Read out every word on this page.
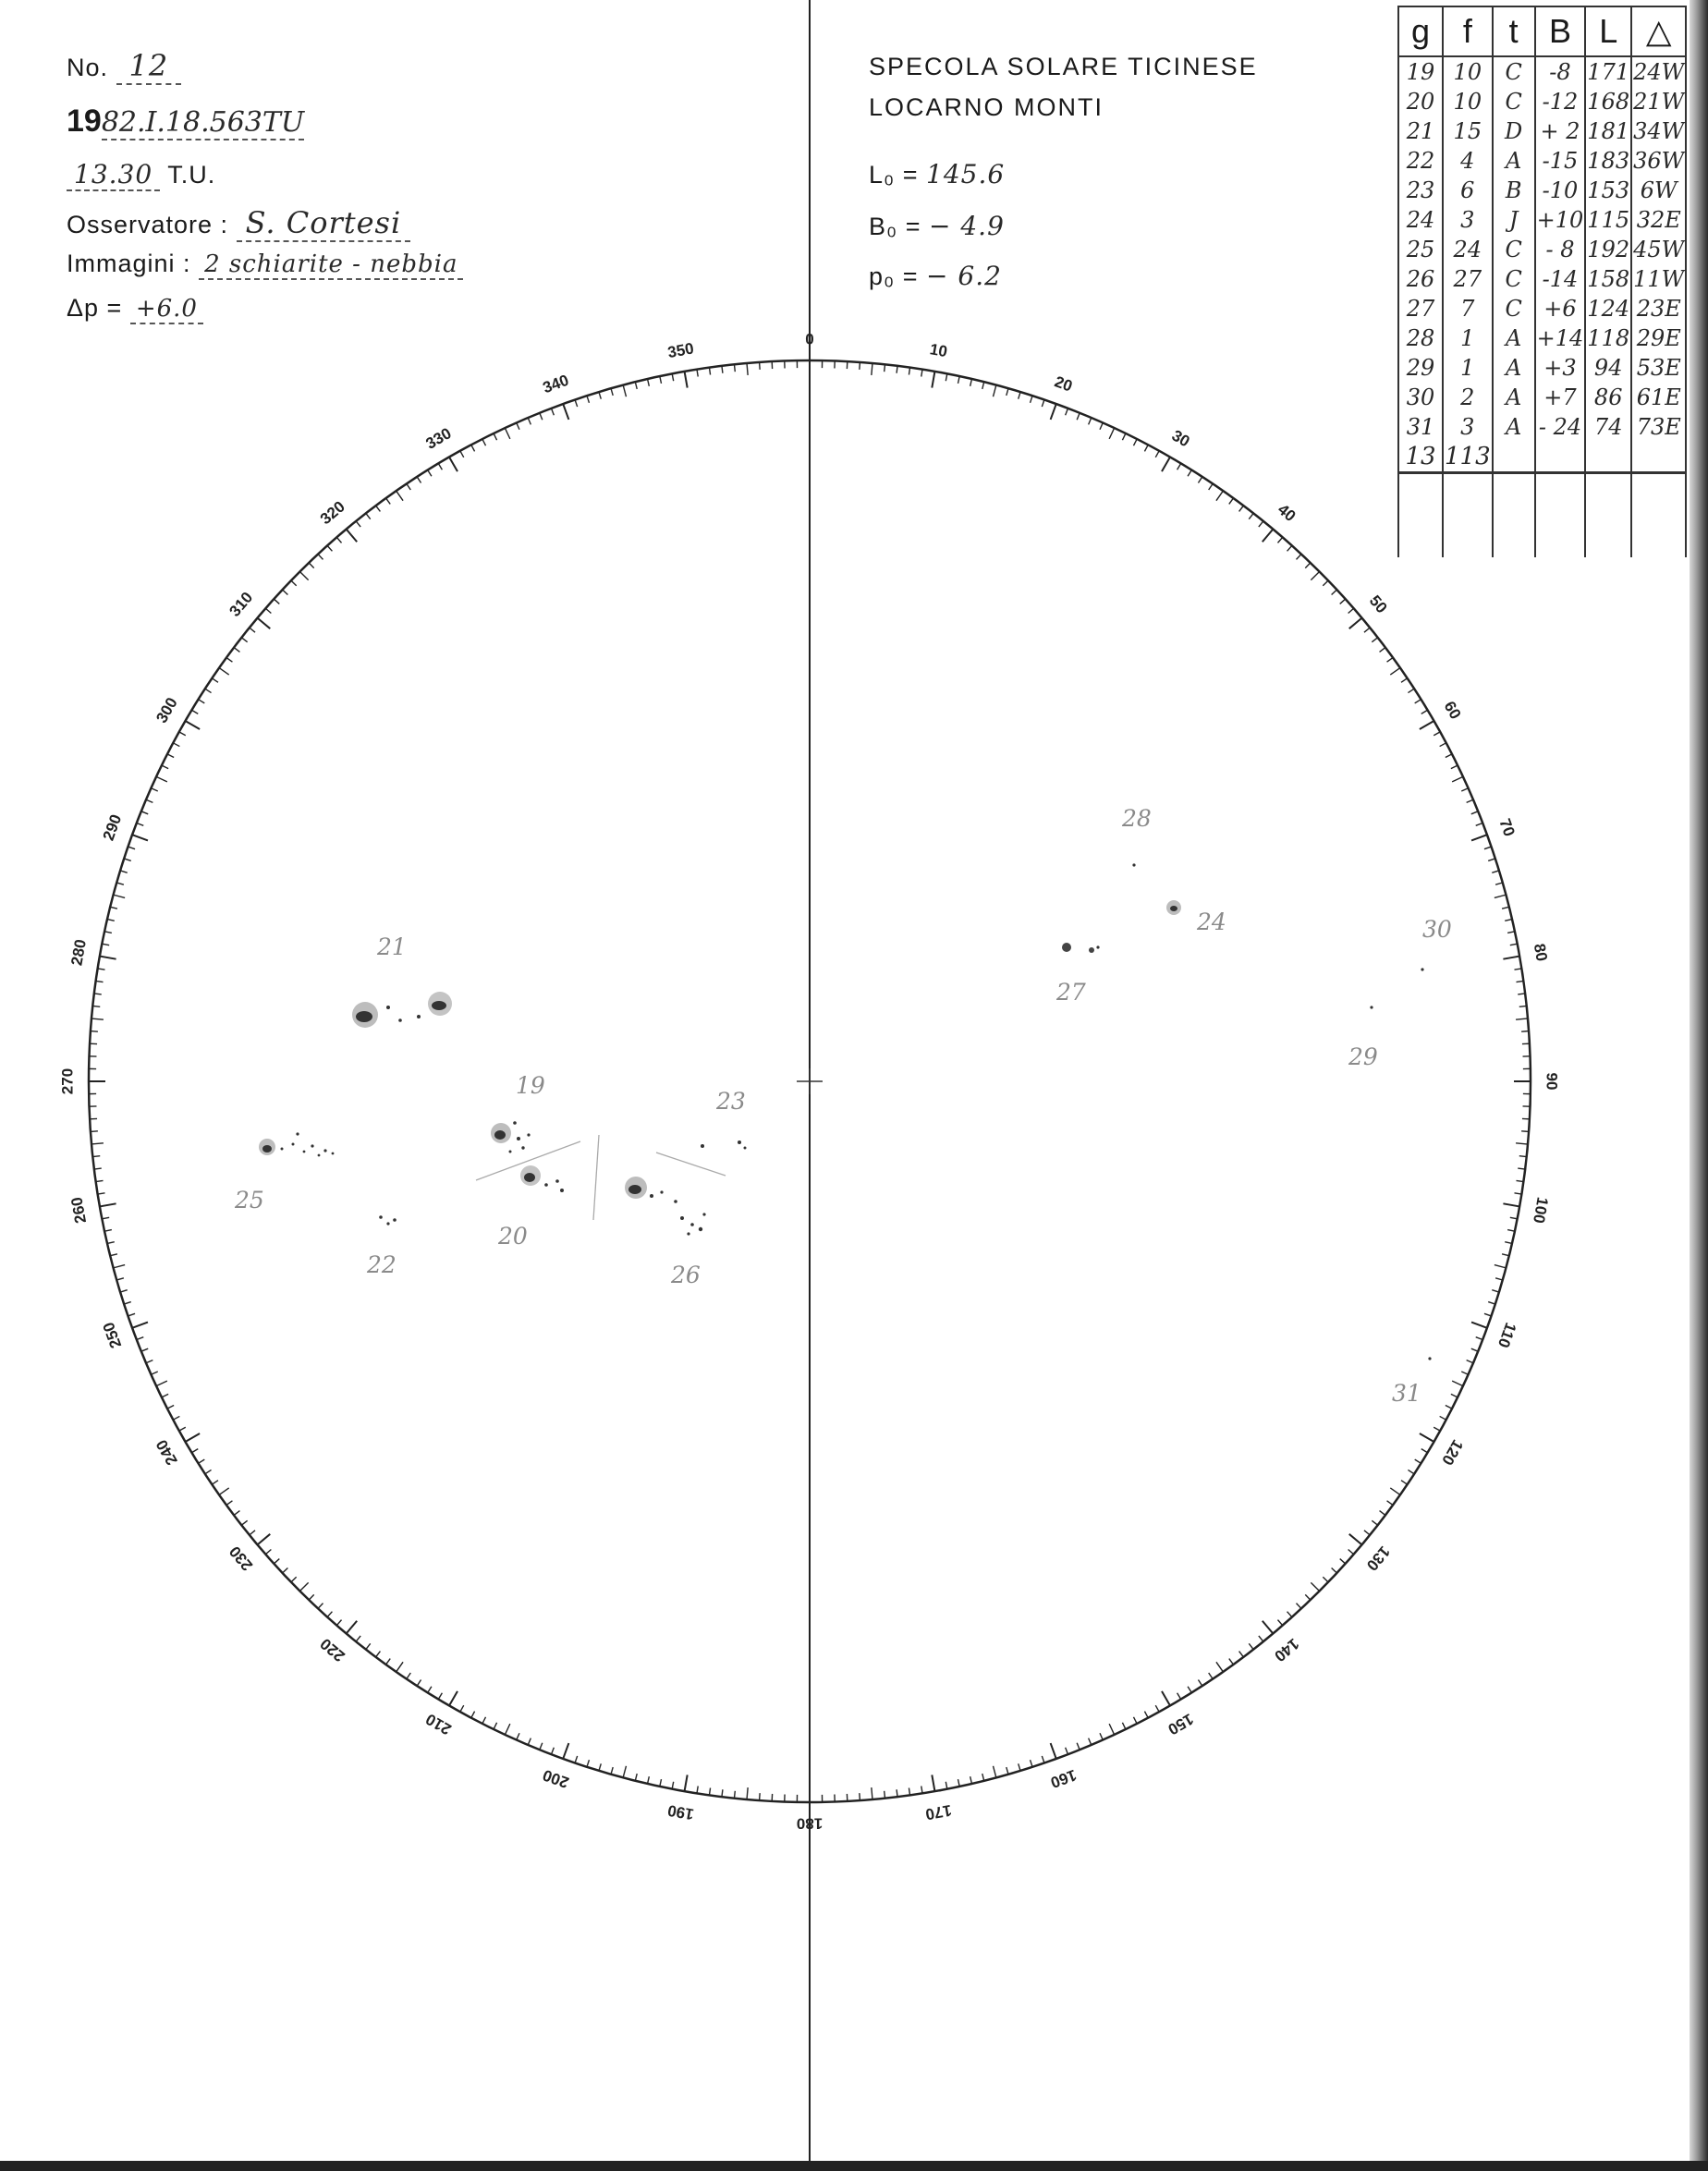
No. 12
1982.I.18.563TU
13.30 T.U.
Osservatore : S. Cortesi
Immagini : 2 schiarite - nebbia
Δp = +6.0
SPECOLA SOLARE TICINESE
LOCARNO MONTI
L₀ = 145.6
B₀ = − 4.9
p₀ = − 6.2
g	f	t	B	L	△
19	10	C	-8	171	24W
20	10	C	-12	168	21W
21	15	D	+ 2	181	34W
22	4	A	-15	183	36W
23	6	B	-10	153	6W
24	3	J	+10	115	32E
25	24	C	- 8	192	45W
26	27	C	-14	158	11W
27	7	C	+6	124	23E
28	1	A	+14	118	29E
29	1	A	+3	94	53E
30	2	A	+7	86	61E
31	3	A	- 24	74	73E
13	113				

0
10
20
30
40
50
60
70
80
90
100
110
120
130
140
150
160
170
180
190
200
210
220
230
240
250
260
270
280
290
300
310
320
330
340
350
21
19
20
25
22	26
23
24
27
28
29
30
31
